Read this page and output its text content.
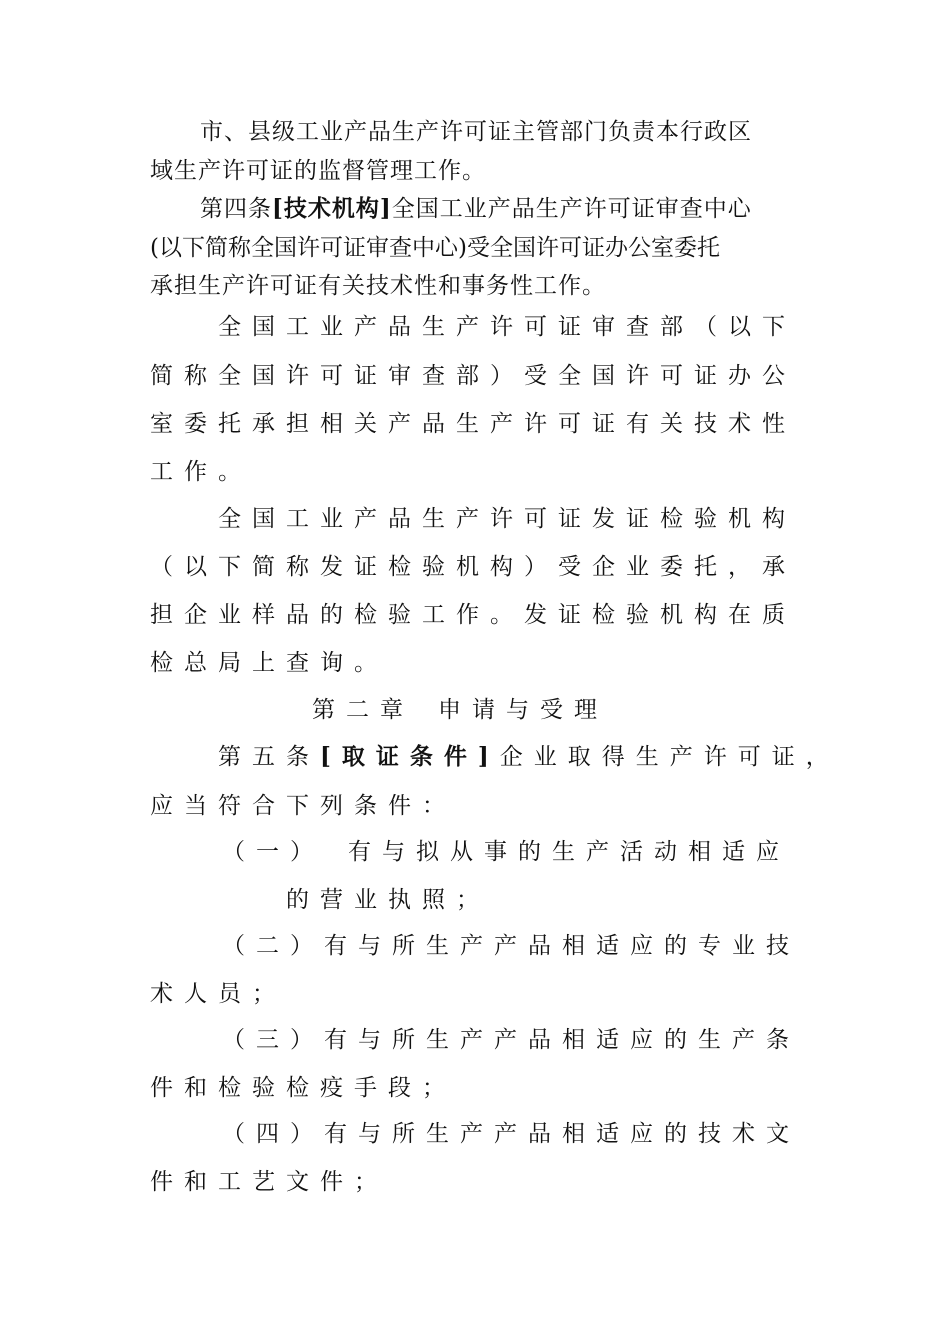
市、县级工业产品生产许可证主管部门负责本行政区
域生产许可证的监督管理工作。
第四条[技术机构]全国工业产品生产许可证审查中心
(以下简称全国许可证审查中心)受全国许可证办公室委托
承担生产许可证有关技术性和事务性工作。
全国工业产品生产许可证审查部（以下
简称全国许可证审查部）受全国许可证办公
室委托承担相关产品生产许可证有关技术性
工作。
全国工业产品生产许可证发证检验机构
（以下简称发证检验机构）受企业委托，承
担企业样品的检验工作。发证检验机构在质
检总局上查询。
第二章 申请与受理
第五条[取证条件]企业取得生产许可证，
应当符合下列条件：
（一） 有与拟从事的生产活动相适应
的营业执照；
（二）有与所生产产品相适应的专业技
术人员；
（三）有与所生产产品相适应的生产条
件和检验检疫手段；
（四）有与所生产产品相适应的技术文
件和工艺文件；
